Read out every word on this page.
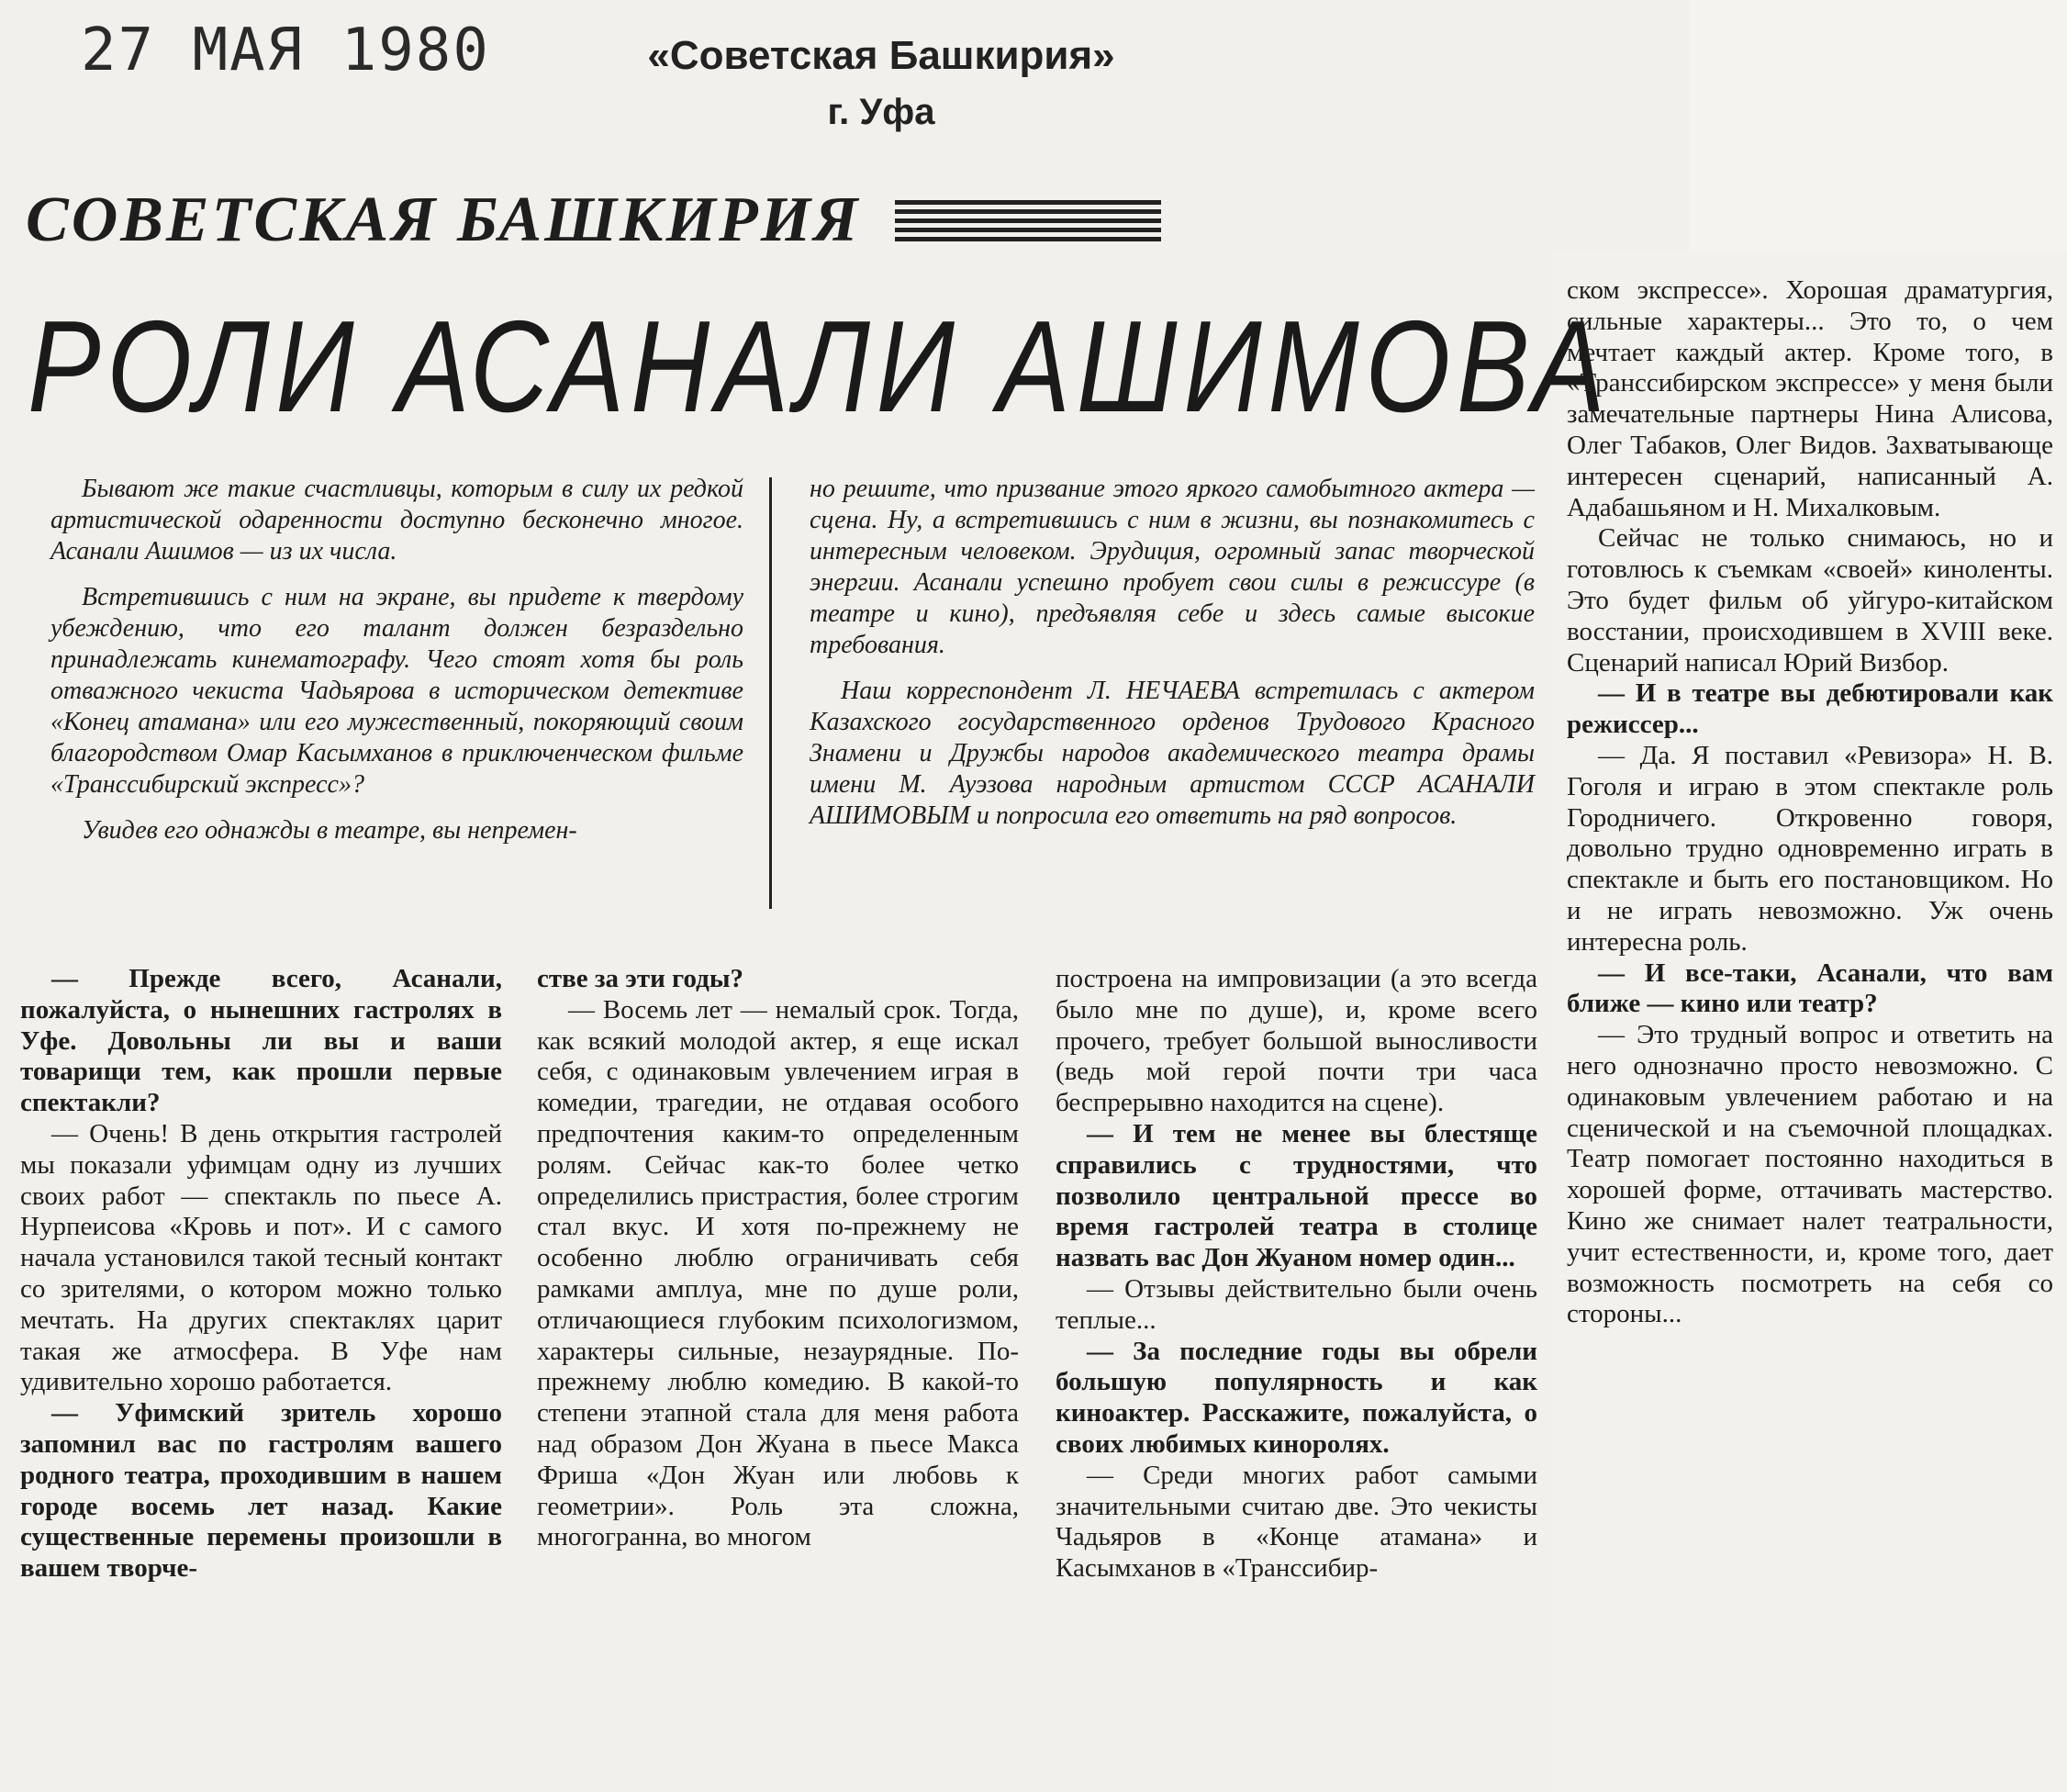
27 МАЯ 1980	«Советская Башкирия»
г. Уфа
СОВЕТСКАЯ БАШКИРИЯ
РОЛИ АСАНАЛИ АШИМОВА

Бывают же такие счастливцы, которым в силу их редкой артистической одаренности доступно бесконечно многое. Асанали Ашимов — из их числа.

Встретившись с ним на экране, вы придете к твердому убеждению, что его талант должен безраздельно принадлежать кинематографу. Чего стоят хотя бы роль отважного чекиста Чадьярова в историческом детективе «Конец атамана» или его мужественный, покоряющий своим благородством Омар Касымханов в приключенческом фильме «Транссибирский экспресс»?

Увидев его однажды в театре, вы непремен-

но решите, что призвание этого яркого самобытного актера — сцена. Ну, а встретившись с ним в жизни, вы познакомитесь с интересным человеком. Эрудиция, огромный запас творческой энергии. Асанали успешно пробует свои силы в режиссуре (в театре и кино), предъявляя себе и здесь самые высокие требования.

Наш корреспондент Л. НЕЧАЕВА встретилась с актером Казахского государственного орденов Трудового Красного Знамени и Дружбы народов академического театра драмы имени М. Ауэзова народным артистом СССР АСАНАЛИ АШИМОВЫМ и попросила его ответить на ряд вопросов.

— Прежде всего, Асанали, пожалуйста, о нынешних гастролях в Уфе. Довольны ли вы и ваши товарищи тем, как прошли первые спектакли?

— Очень! В день открытия гастролей мы показали уфимцам одну из лучших своих работ — спектакль по пьесе А. Нурпеисова «Кровь и пот». И с самого начала установился такой тесный контакт со зрителями, о котором можно только мечтать. На других спектаклях царит такая же атмосфера. В Уфе нам удивительно хорошо работается.

— Уфимский зритель хорошо запомнил вас по гастролям вашего родного театра, проходившим в нашем городе восемь лет назад. Какие существенные перемены произошли в вашем творче-

стве за эти годы?

— Восемь лет — немалый срок. Тогда, как всякий молодой актер, я еще искал себя, с одинаковым увлечением играя в комедии, трагедии, не отдавая особого предпочтения каким-то определенным ролям. Сейчас как-то более четко определились пристрастия, более строгим стал вкус. И хотя по-прежнему не особенно люблю ограничивать себя рамками амплуа, мне по душе роли, отличающиеся глубоким психологизмом, характеры сильные, незаурядные. По-прежнему люблю комедию. В какой-то степени этапной стала для меня работа над образом Дон Жуана в пьесе Макса Фриша «Дон Жуан или любовь к геометрии». Роль эта сложна, многогранна, во многом

построена на импровизации (а это всегда было мне по душе), и, кроме всего прочего, требует большой выносливости (ведь мой герой почти три часа беспрерывно находится на сцене).

— И тем не менее вы блестяще справились с трудностями, что позволило центральной прессе во время гастролей театра в столице назвать вас Дон Жуаном номер один...

— Отзывы действительно были очень теплые...

— За последние годы вы обрели большую популярность и как киноактер. Расскажите, пожалуйста, о своих любимых киноролях.

— Среди многих работ самыми значительными считаю две. Это чекисты Чадьяров в «Конце атамана» и Касымханов в «Транссибир-

ском экспрессе». Хорошая драматургия, сильные характеры... Это то, о чем мечтает каждый актер. Кроме того, в «Транссибирском экспрессе» у меня были замечательные партнеры Нина Алисова, Олег Табаков, Олег Видов. Захватывающе интересен сценарий, написанный А. Адабашьяном и Н. Михалковым.

Сейчас не только снимаюсь, но и готовлюсь к съемкам «своей» киноленты. Это будет фильм об уйгуро-китайском восстании, происходившем в XVIII веке. Сценарий написал Юрий Визбор.

— И в театре вы дебютировали как режиссер...

— Да. Я поставил «Ревизора» Н. В. Гоголя и играю в этом спектакле роль Городничего. Откровенно говоря, довольно трудно одновременно играть в спектакле и быть его постановщиком. Но и не играть невозможно. Уж очень интересна роль.

— И все-таки, Асанали, что вам ближе — кино или театр?

— Это трудный вопрос и ответить на него однозначно просто невозможно. С одинаковым увлечением работаю и на сценической и на съемочной площадках. Театр помогает постоянно находиться в хорошей форме, оттачивать мастерство. Кино же снимает налет театральности, учит естественности, и, кроме того, дает возможность посмотреть на себя со стороны...
